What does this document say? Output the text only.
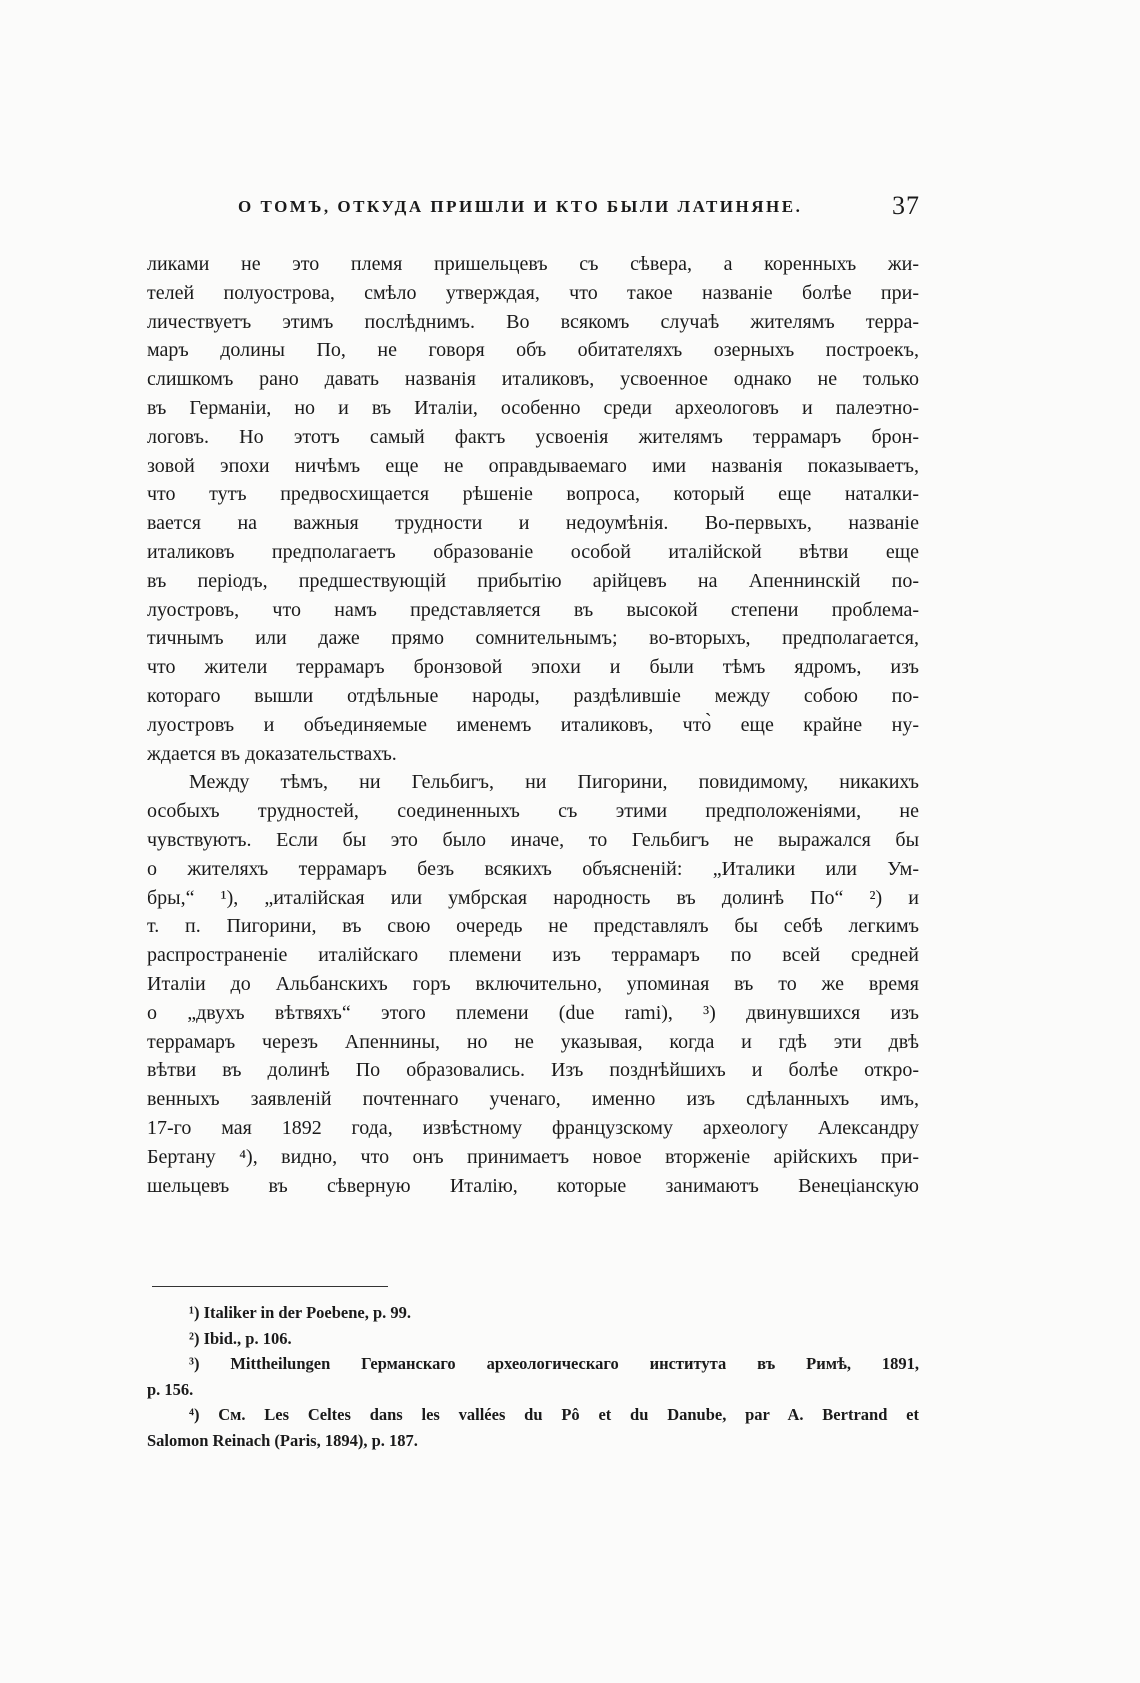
О ТОМЪ, ОТКУДА ПРИШЛИ И КТО БЫЛИ ЛАТИНЯНЕ.	37
ликами не это племя пришельцевъ съ сѣвера, а коренныхъ жи-
телей полуострова, смѣло утверждая, что такое названіе болѣе при-
личествуетъ этимъ послѣднимъ. Во всякомъ случаѣ жителямъ терра-
маръ долины По, не говоря объ обитателяхъ озерныхъ построекъ,
слишкомъ рано давать названія италиковъ, усвоенное однако не только
въ Германіи, но и въ Италіи, особенно среди археологовъ и палеэтно-
логовъ. Но этотъ самый фактъ усвоенія жителямъ террамаръ брон-
зовой эпохи ничѣмъ еще не оправдываемаго ими названія показываетъ,
что тутъ предвосхищается рѣшеніе вопроса, который еще наталки-
вается на важныя трудности и недоумѣнія. Во-первыхъ, названіе
италиковъ предполагаетъ образованіе особой италійской вѣтви еще
въ періодъ, предшествующій прибытію арійцевъ на Апеннинскій по-
луостровъ, что намъ представляется въ высокой степени проблема-
тичнымъ или даже прямо сомнительнымъ; во-вторыхъ, предполагается,
что жители террамаръ бронзовой эпохи и были тѣмъ ядромъ, изъ
котораго вышли отдѣльные народы, раздѣлившіе между собою по-
луостровъ и объединяемые именемъ италиковъ, что̀ еще крайне ну-
ждается въ доказательствахъ.
Между тѣмъ, ни Гельбигъ, ни Пигорини, повидимому, никакихъ
особыхъ трудностей, соединенныхъ съ этими предположеніями, не
чувствуютъ. Если бы это было иначе, то Гельбигъ не выражался бы
о жителяхъ террамаръ безъ всякихъ объясненій: „Италики или Ум-
бры,“ ¹), „италійская или умбрская народность въ долинѣ По“ ²) и
т. п. Пигорини, въ свою очередь не представлялъ бы себѣ легкимъ
распространеніе италійскаго племени изъ террамаръ по всей средней
Италіи до Альбанскихъ горъ включительно, упоминая въ то же время
о „двухъ вѣтвяхъ“ этого племени (due rami), ³) двинувшихся изъ
террамаръ черезъ Апеннины, но не указывая, когда и гдѣ эти двѣ
вѣтви въ долинѣ По образовались. Изъ позднѣйшихъ и болѣе откро-
венныхъ заявленій почтеннаго ученаго, именно изъ сдѣланныхъ имъ,
17-го мая 1892 года, извѣстному французскому археологу Александру
Бертану ⁴), видно, что онъ принимаетъ новое вторженіе арійскихъ при-
шельцевъ въ сѣверную Италію, которые занимаютъ Венеціанскую
¹) Italiker in der Poebene, p. 99.
²) Ibid., p. 106.
³) Mittheilungen Германскаго археологическаго института въ Римѣ, 1891,
p. 156.
⁴) См. Les Celtes dans les vallées du Pô et du Danube, par A. Bertrand et
Salomon Reinach (Paris, 1894), p. 187.
